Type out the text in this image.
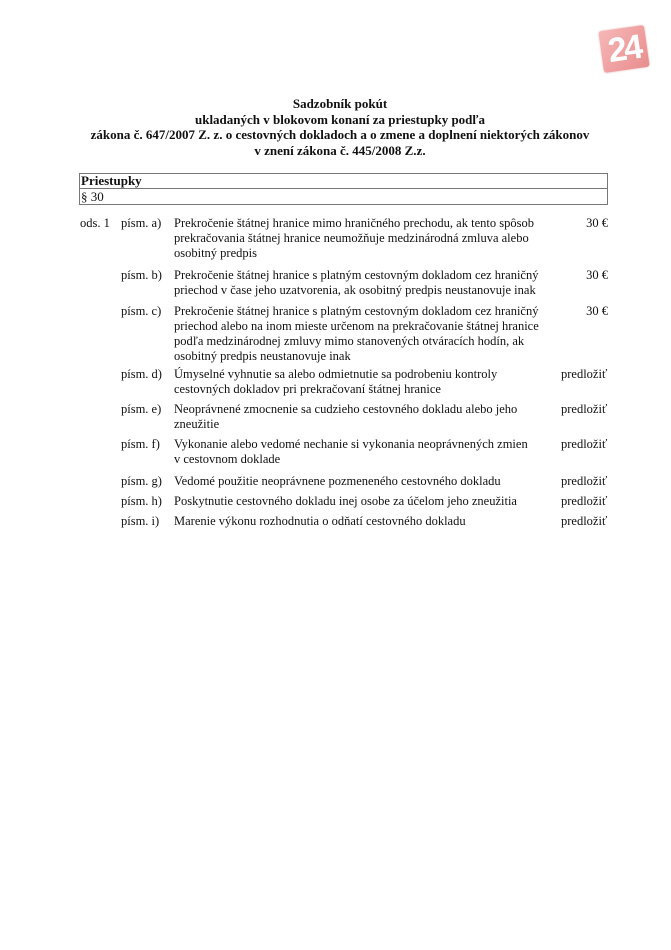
24
Sadzobník pokút
ukladaných v blokovom konaní za priestupky podľa
zákona č. 647/2007 Z. z. o cestovných dokladoch a o zmene a doplnení niektorých zákonov
v znení zákona č. 445/2008 Z.z.
Priestupky
§ 30
ods. 1 písm. a) Prekročenie štátnej hranice mimo hraničného prechodu, ak tento spôsob
prekračovania štátnej hranice neumožňuje medzinárodná zmluva alebo
osobitný predpis
30 €
písm. b) Prekročenie štátnej hranice s platným cestovným dokladom cez hraničný
priechod v čase jeho uzatvorenia, ak osobitný predpis neustanovuje inak
30 €
písm. c) Prekročenie štátnej hranice s platným cestovným dokladom cez hraničný
priechod alebo na inom mieste určenom na prekračovanie štátnej hranice
podľa medzinárodnej zmluvy mimo stanovených otváracích hodín, ak
osobitný predpis neustanovuje inak
30 €
písm. d) Úmyselné vyhnutie sa alebo odmietnutie sa podrobeniu kontroly
cestovných dokladov pri prekračovaní štátnej hranice
predložiť
písm. e) Neoprávnené zmocnenie sa cudzieho cestovného dokladu alebo jeho
zneužitie
predložiť
písm. f) Vykonanie alebo vedomé nechanie si vykonania neoprávnených zmien
v cestovnom doklade
predložiť
písm. g) Vedomé použitie neoprávnene pozmeneného cestovného dokladu	predložiť
písm. h) Poskytnutie cestovného dokladu inej osobe za účelom jeho zneužitia	predložiť
písm. i) Marenie výkonu rozhodnutia o odňatí cestovného dokladu	predložiť
